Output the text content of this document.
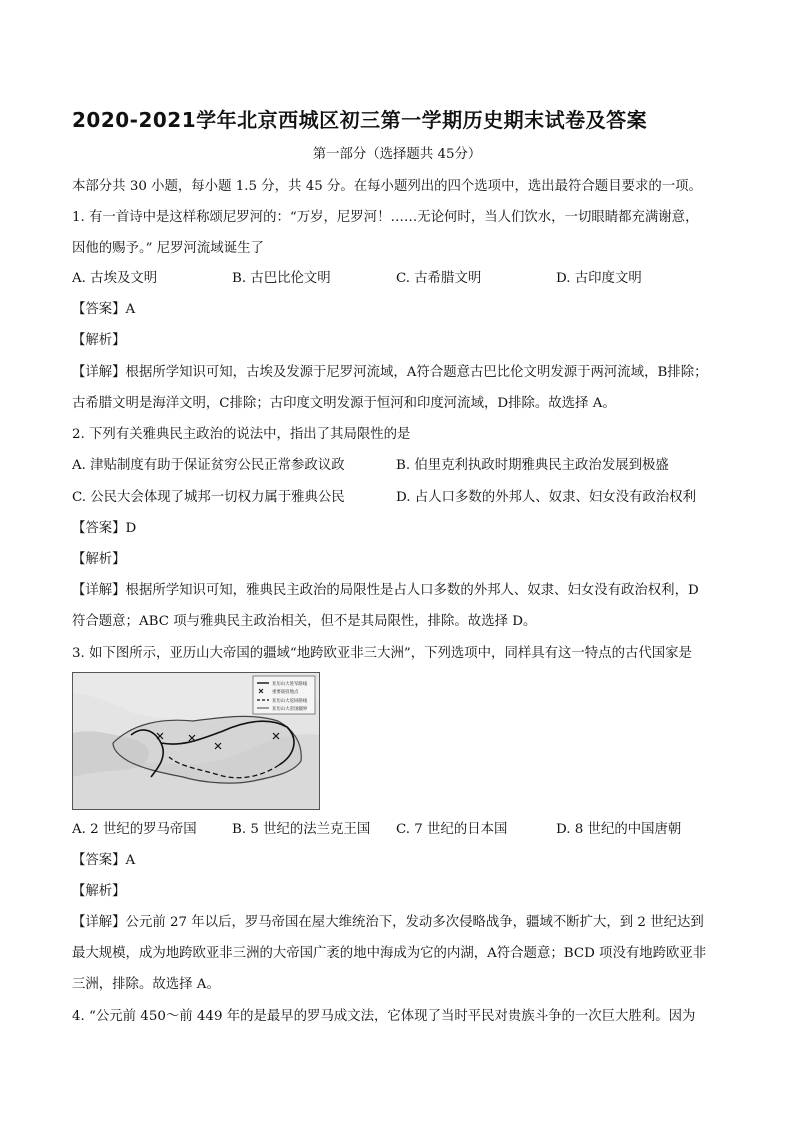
2020-2021学年北京西城区初三第一学期历史期末试卷及答案
第一部分（选择题共 45分）
本部分共 30 小题，每小题 1.5 分，共 45 分。在每小题列出的四个选项中，选出最符合题目要求的一项。
1. 有一首诗中是这样称颂尼罗河的：“万岁，尼罗河！……无论何时，当人们饮水，一切眼睛都充满谢意，
因他的赐予。” 尼罗河流域诞生了
A. 古埃及文明	B. 古巴比伦文明	C. 古希腊文明	D. 古印度文明
【答案】A
【解析】
【详解】根据所学知识可知，古埃及发源于尼罗河流域，A符合题意古巴比伦文明发源于两河流域，B排除；
古希腊文明是海洋文明，C排除；古印度文明发源于恒河和印度河流域，D排除。故选择 A。
2. 下列有关雅典民主政治的说法中，指出了其局限性的是
A. 津贴制度有助于保证贫穷公民正常参政议政	B. 伯里克利执政时期雅典民主政治发展到极盛
C. 公民大会体现了城邦一切权力属于雅典公民	D. 占人口多数的外邦人、奴隶、妇女没有政治权利
【答案】D
【解析】
【详解】根据所学知识可知，雅典民主政治的局限性是占人口多数的外邦人、奴隶、妇女没有政治权利，D
符合题意；ABC 项与雅典民主政治相关，但不是其局限性，排除。故选择 D。
3. 如下图所示，亚历山大帝国的疆域“地跨欧亚非三大洲”，下列选项中，同样具有这一特点的古代国家是
亚历山大进军路线
重要战役地点
亚历山大返回路线
亚历山大帝国疆界
A. 2 世纪的罗马帝国	B. 5 世纪的法兰克王国 C. 7 世纪的日本国	D. 8 世纪的中国唐朝
【答案】A
【解析】
【详解】公元前 27 年以后，罗马帝国在屋大维统治下，发动多次侵略战争，疆域不断扩大，到 2 世纪达到
最大规模，成为地跨欧亚非三洲的大帝国广袤的地中海成为它的内湖，A符合题意；BCD 项没有地跨欧亚非
三洲，排除。故选择 A。
4. “公元前 450～前 449 年的是最早的罗马成文法，它体现了当时平民对贵族斗争的一次巨大胜利。因为
